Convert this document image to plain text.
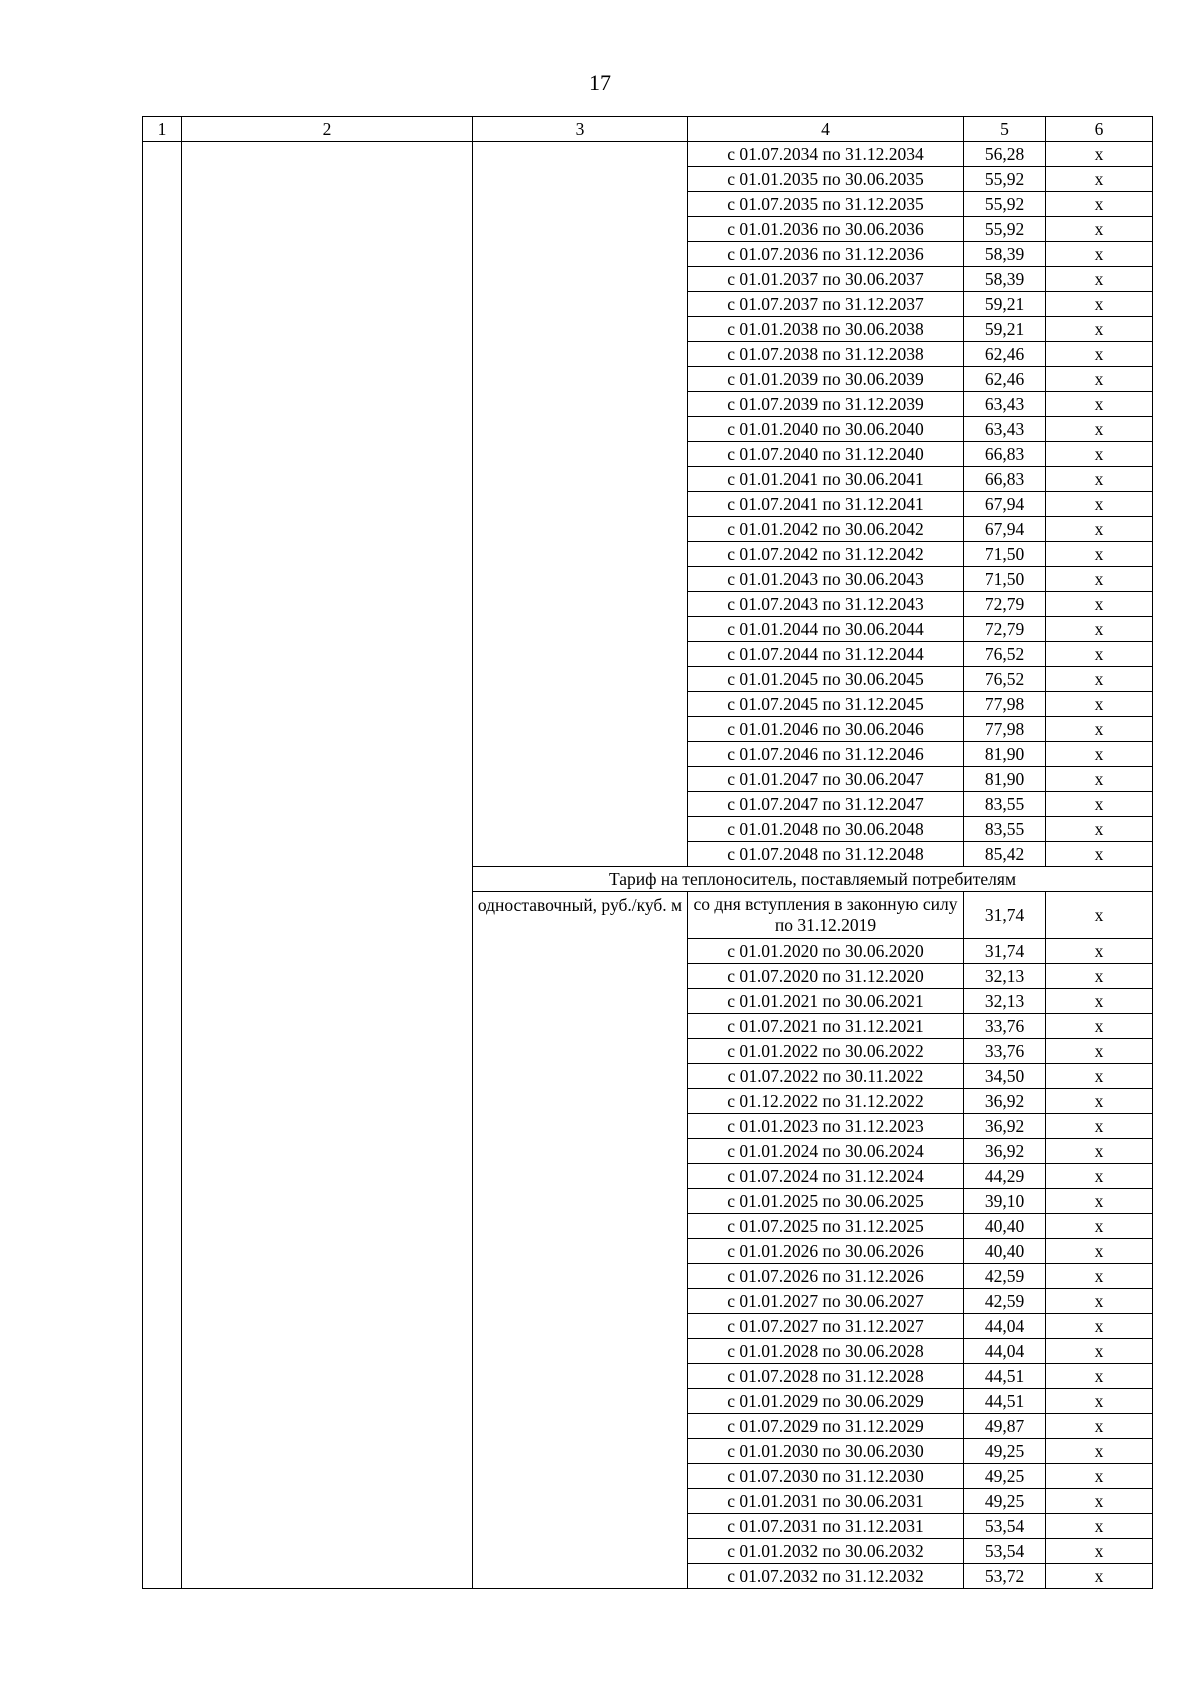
17
1	2	3	4	5	6
			с 01.07.2034 по 31.12.2034	56,28	х
			с 01.01.2035 по 30.06.2035	55,92	х
			с 01.07.2035 по 31.12.2035	55,92	х
			с 01.01.2036 по 30.06.2036	55,92	х
			с 01.07.2036 по 31.12.2036	58,39	х
			с 01.01.2037 по 30.06.2037	58,39	х
			с 01.07.2037 по 31.12.2037	59,21	х
			с 01.01.2038 по 30.06.2038	59,21	х
			с 01.07.2038 по 31.12.2038	62,46	х
			с 01.01.2039 по 30.06.2039	62,46	х
			с 01.07.2039 по 31.12.2039	63,43	х
			с 01.01.2040 по 30.06.2040	63,43	х
			с 01.07.2040 по 31.12.2040	66,83	х
			с 01.01.2041 по 30.06.2041	66,83	х
			с 01.07.2041 по 31.12.2041	67,94	х
			с 01.01.2042 по 30.06.2042	67,94	х
			с 01.07.2042 по 31.12.2042	71,50	х
			с 01.01.2043 по 30.06.2043	71,50	х
			с 01.07.2043 по 31.12.2043	72,79	х
			с 01.01.2044 по 30.06.2044	72,79	х
			с 01.07.2044 по 31.12.2044	76,52	х
			с 01.01.2045 по 30.06.2045	76,52	х
			с 01.07.2045 по 31.12.2045	77,98	х
			с 01.01.2046 по 30.06.2046	77,98	х
			с 01.07.2046 по 31.12.2046	81,90	х
			с 01.01.2047 по 30.06.2047	81,90	х
			с 01.07.2047 по 31.12.2047	83,55	х
			с 01.01.2048 по 30.06.2048	83,55	х
			с 01.07.2048 по 31.12.2048	85,42	х
		Тариф на теплоноситель, поставляемый потребителям			
		одноставочный, руб./куб. м	со дня вступления в законную силу по 31.12.2019	31,74	х
			с 01.01.2020 по 30.06.2020	31,74	х
			с 01.07.2020 по 31.12.2020	32,13	х
			с 01.01.2021 по 30.06.2021	32,13	х
			с 01.07.2021 по 31.12.2021	33,76	х
			с 01.01.2022 по 30.06.2022	33,76	х
			с 01.07.2022 по 30.11.2022	34,50	х
			с 01.12.2022 по 31.12.2022	36,92	х
			с 01.01.2023 по 31.12.2023	36,92	х
			с 01.01.2024 по 30.06.2024	36,92	х
			с 01.07.2024 по 31.12.2024	44,29	х
			с 01.01.2025 по 30.06.2025	39,10	х
			с 01.07.2025 по 31.12.2025	40,40	х
			с 01.01.2026 по 30.06.2026	40,40	х
			с 01.07.2026 по 31.12.2026	42,59	х
			с 01.01.2027 по 30.06.2027	42,59	х
			с 01.07.2027 по 31.12.2027	44,04	х
			с 01.01.2028 по 30.06.2028	44,04	х
			с 01.07.2028 по 31.12.2028	44,51	х
			с 01.01.2029 по 30.06.2029	44,51	х
			с 01.07.2029 по 31.12.2029	49,87	х
			с 01.01.2030 по 30.06.2030	49,25	х
			с 01.07.2030 по 31.12.2030	49,25	х
			с 01.01.2031 по 30.06.2031	49,25	х
			с 01.07.2031 по 31.12.2031	53,54	х
			с 01.01.2032 по 30.06.2032	53,54	х
			с 01.07.2032 по 31.12.2032	53,72	х
